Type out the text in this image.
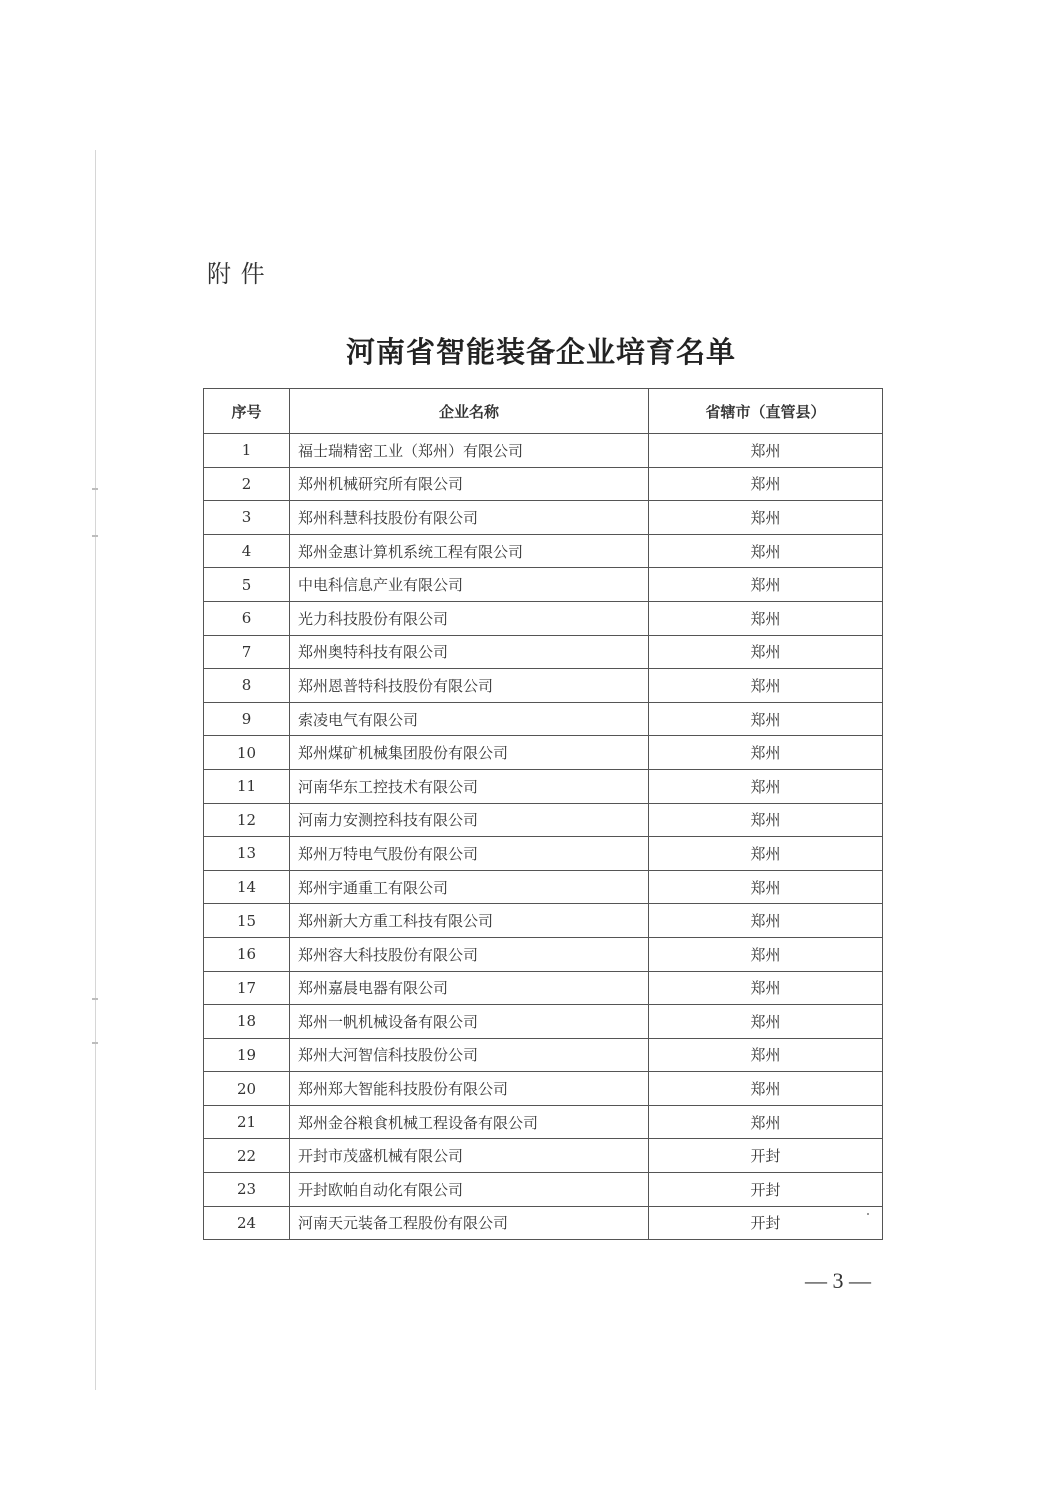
附 件
河南省智能装备企业培育名单
序号	企业名称	省辖市（直管县）
1	福士瑞精密工业（郑州）有限公司	郑州
2	郑州机械研究所有限公司	郑州
3	郑州科慧科技股份有限公司	郑州
4	郑州金惠计算机系统工程有限公司	郑州
5	中电科信息产业有限公司	郑州
6	光力科技股份有限公司	郑州
7	郑州奥特科技有限公司	郑州
8	郑州恩普特科技股份有限公司	郑州
9	索凌电气有限公司	郑州
10	郑州煤矿机械集团股份有限公司	郑州
11	河南华东工控技术有限公司	郑州
12	河南力安测控科技有限公司	郑州
13	郑州万特电气股份有限公司	郑州
14	郑州宇通重工有限公司	郑州
15	郑州新大方重工科技有限公司	郑州
16	郑州容大科技股份有限公司	郑州
17	郑州嘉晨电器有限公司	郑州
18	郑州一帆机械设备有限公司	郑州
19	郑州大河智信科技股份公司	郑州
20	郑州郑大智能科技股份有限公司	郑州
21	郑州金谷粮食机械工程设备有限公司	郑州
22	开封市茂盛机械有限公司	开封
23	开封欧帕自动化有限公司	开封
24	河南天元装备工程股份有限公司	开封
— 3 —
